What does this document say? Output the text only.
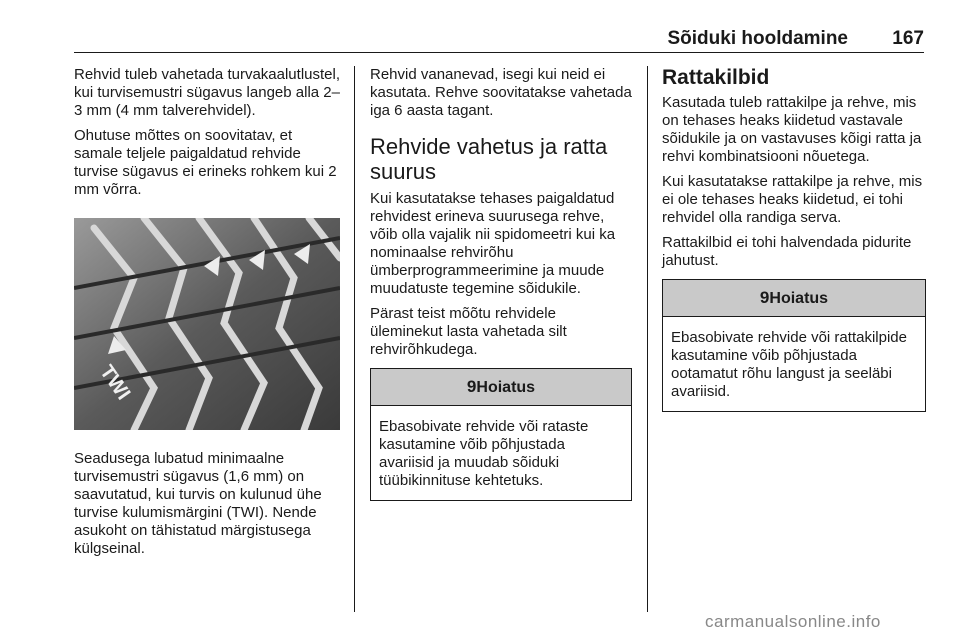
Sõiduki hooldamine 167

Rehvid tuleb vahetada turvakaalutlustel, kui turvisemustri sügavus langeb alla 2–3 mm (4 mm talverehvidel).

Ohutuse mõttes on soovitatav, et samale teljele paigaldatud rehvide turvise sügavus ei erineks rohkem kui 2 mm võrra.

TWI

Seadusega lubatud minimaalne turvisemustri sügavus (1,6 mm) on saavutatud, kui turvis on kulunud ühe turvise kulumismärgini (TWI). Nende asukoht on tähistatud märgistusega külgseinal.

Rehvid vananevad, isegi kui neid ei kasutata. Rehve soovitatakse vahetada iga 6 aasta tagant.

Rehvide vahetus ja ratta suurus

Kui kasutatakse tehases paigaldatud rehvidest erineva suurusega rehve, võib olla vajalik nii spidomeetri kui ka nominaalse rehvirõhu ümberprogrammeerimine ja muude muudatuste tegemine sõidukile.

Pärast teist mõõtu rehvidele üleminekut lasta vahetada silt rehvirõhkudega.

9Hoiatus
Ebasobivate rehvide või rataste kasutamine võib põhjustada avariisid ja muudab sõiduki tüübikinnituse kehtetuks.
Rattakilbid

Kasutada tuleb rattakilpe ja rehve, mis on tehases heaks kiidetud vastavale sõidukile ja on vastavuses kõigi ratta ja rehvi kombinatsiooni nõuetega.

Kui kasutatakse rattakilpe ja rehve, mis ei ole tehases heaks kiidetud, ei tohi rehvidel olla randiga serva.

Rattakilbid ei tohi halvendada pidurite jahutust.

9Hoiatus
Ebasobivate rehvide või rattakilpide kasutamine võib põhjustada ootamatut rõhu langust ja seeläbi avariisid.
carmanualsonline.info
